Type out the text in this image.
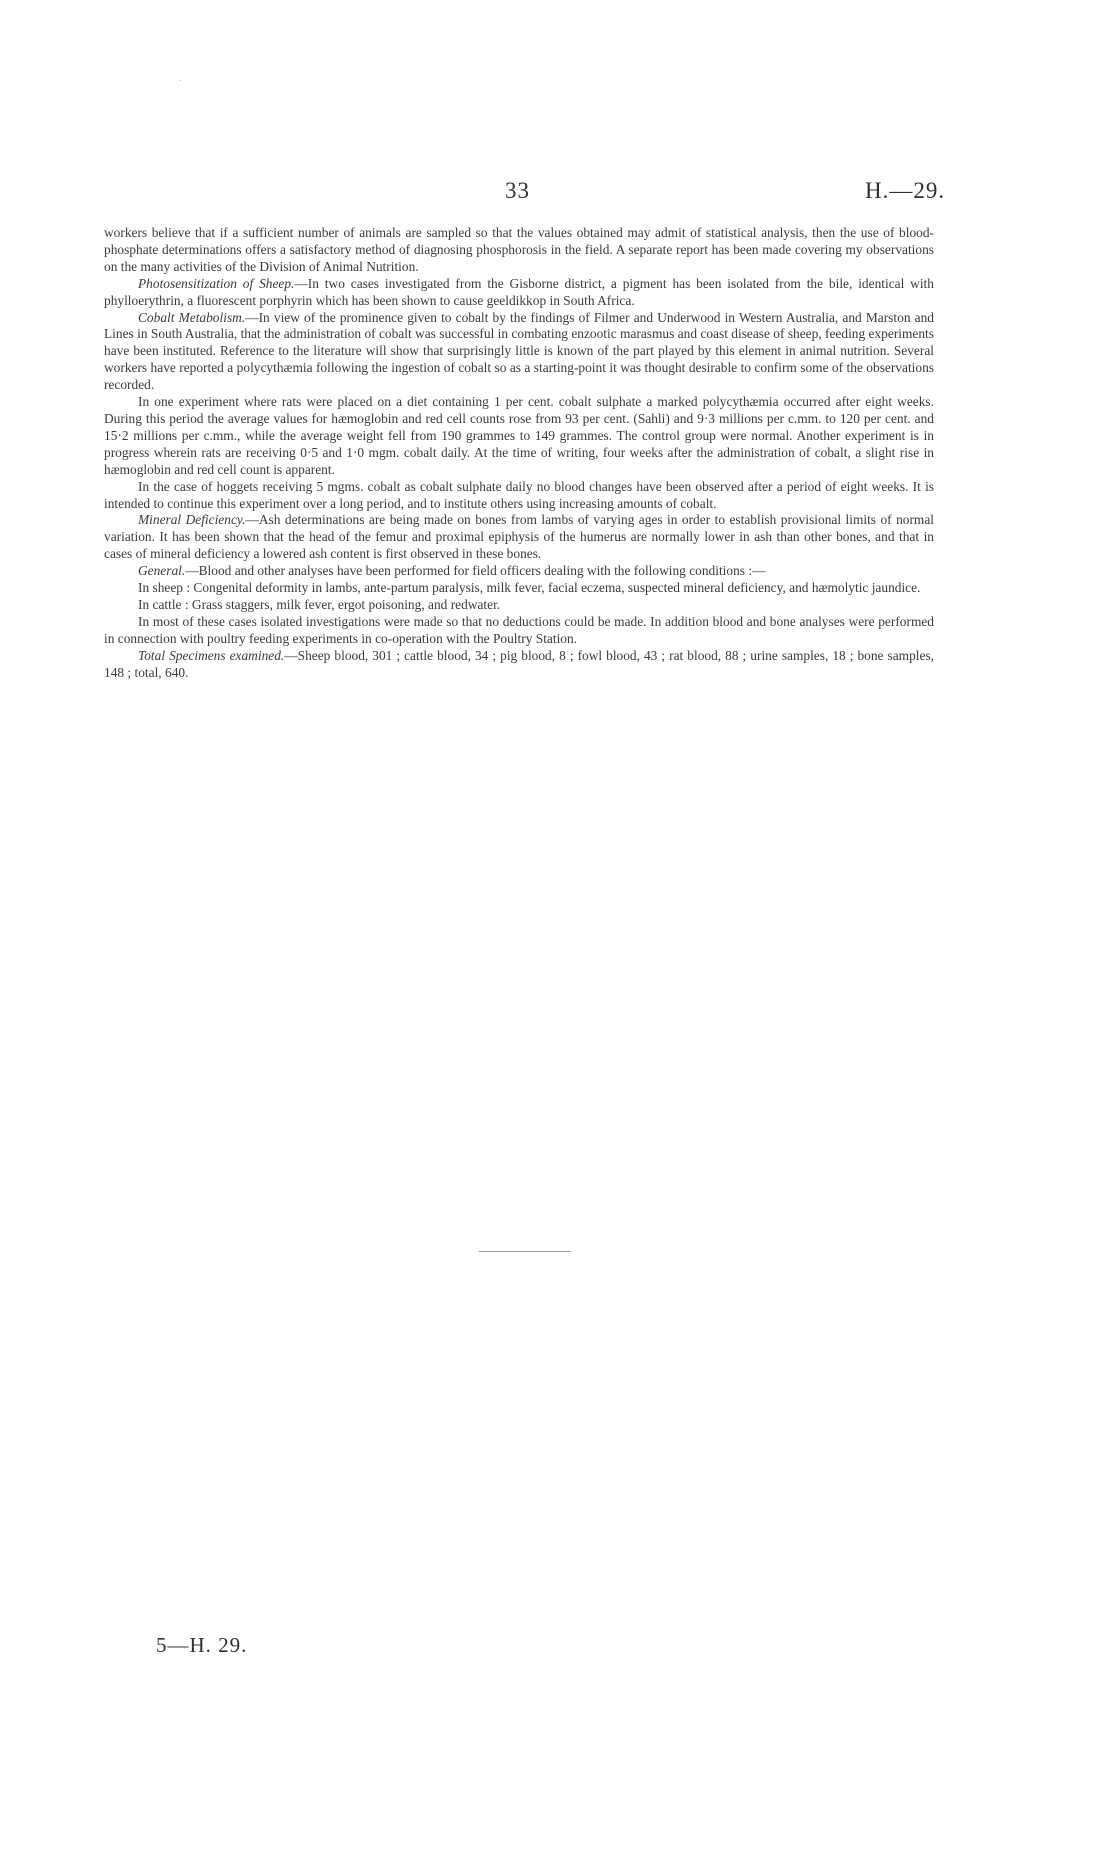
33	H.—29.

workers believe that if a sufficient number of animals are sampled so that the values obtained may admit of statistical analysis, then the use of blood-phosphate determinations offers a satisfactory method of diagnosing phosphorosis in the field. A separate report has been made covering my observations on the many activities of the Division of Animal Nutrition.

Photosensitization of Sheep.—In two cases investigated from the Gisborne district, a pigment has been isolated from the bile, identical with phylloerythrin, a fluorescent porphyrin which has been shown to cause geeldikkop in South Africa.

Cobalt Metabolism.—In view of the prominence given to cobalt by the findings of Filmer and Underwood in Western Australia, and Marston and Lines in South Australia, that the administration of cobalt was successful in combating enzootic marasmus and coast disease of sheep, feeding experiments have been instituted. Reference to the literature will show that surprisingly little is known of the part played by this element in animal nutrition. Several workers have reported a polycythæmia following the ingestion of cobalt so as a starting-point it was thought desirable to confirm some of the observations recorded.

In one experiment where rats were placed on a diet containing 1 per cent. cobalt sulphate a marked polycythæmia occurred after eight weeks. During this period the average values for hæmoglobin and red cell counts rose from 93 per cent. (Sahli) and 9·3 millions per c.mm. to 120 per cent. and 15·2 millions per c.mm., while the average weight fell from 190 grammes to 149 grammes. The control group were normal. Another experiment is in progress wherein rats are receiving 0·5 and 1·0 mgm. cobalt daily. At the time of writing, four weeks after the administration of cobalt, a slight rise in hæmoglobin and red cell count is apparent.

In the case of hoggets receiving 5 mgms. cobalt as cobalt sulphate daily no blood changes have been observed after a period of eight weeks. It is intended to continue this experiment over a long period, and to institute others using increasing amounts of cobalt.

Mineral Deficiency.—Ash determinations are being made on bones from lambs of varying ages in order to establish provisional limits of normal variation. It has been shown that the head of the femur and proximal epiphysis of the humerus are normally lower in ash than other bones, and that in cases of mineral deficiency a lowered ash content is first observed in these bones.

General.—Blood and other analyses have been performed for field officers dealing with the following conditions :—

In sheep : Congenital deformity in lambs, ante-partum paralysis, milk fever, facial eczema, suspected mineral deficiency, and hæmolytic jaundice.

In cattle : Grass staggers, milk fever, ergot poisoning, and redwater.

In most of these cases isolated investigations were made so that no deductions could be made. In addition blood and bone analyses were performed in connection with poultry feeding experiments in co-operation with the Poultry Station.

Total Specimens examined.—Sheep blood, 301 ; cattle blood, 34 ; pig blood, 8 ; fowl blood, 43 ; rat blood, 88 ; urine samples, 18 ; bone samples, 148 ; total, 640.

5—H. 29.
